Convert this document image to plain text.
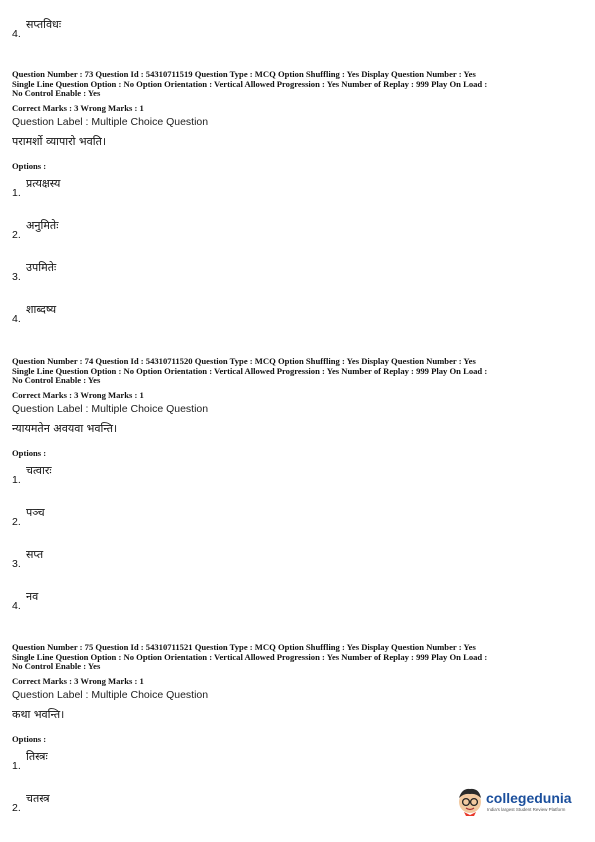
4.
सप्तविधः

Question Number : 73 Question Id : 54310711519 Question Type : MCQ Option Shuffling : Yes Display Question Number : Yes

Single Line Question Option : No Option Orientation : Vertical Allowed Progression : Yes Number of Replay : 999 Play On Load :

No Control Enable : Yes

Correct Marks : 3 Wrong Marks : 1
Question Label : Multiple Choice Question
परामर्शो व्यापारो भवति।
Options :
1.
प्रत्यक्षस्य
2.
अनुमितेः
3.
उपमितेः
4.
शाब्दष्य

Question Number : 74 Question Id : 54310711520 Question Type : MCQ Option Shuffling : Yes Display Question Number : Yes

Single Line Question Option : No Option Orientation : Vertical Allowed Progression : Yes Number of Replay : 999 Play On Load :

No Control Enable : Yes

Correct Marks : 3 Wrong Marks : 1
Question Label : Multiple Choice Question
न्यायमतेन अवयवा भवन्ति।
Options :
1.
चत्वारः
2.
पञ्च
3.
सप्त
4.
नव

Question Number : 75 Question Id : 54310711521 Question Type : MCQ Option Shuffling : Yes Display Question Number : Yes

Single Line Question Option : No Option Orientation : Vertical Allowed Progression : Yes Number of Replay : 999 Play On Load :

No Control Enable : Yes

Correct Marks : 3 Wrong Marks : 1
Question Label : Multiple Choice Question
कथा भवन्ति।
Options :
1.
तिस्त्रः
2.
चतस्त्र	collegedunia
India's largest Student Review Platform
